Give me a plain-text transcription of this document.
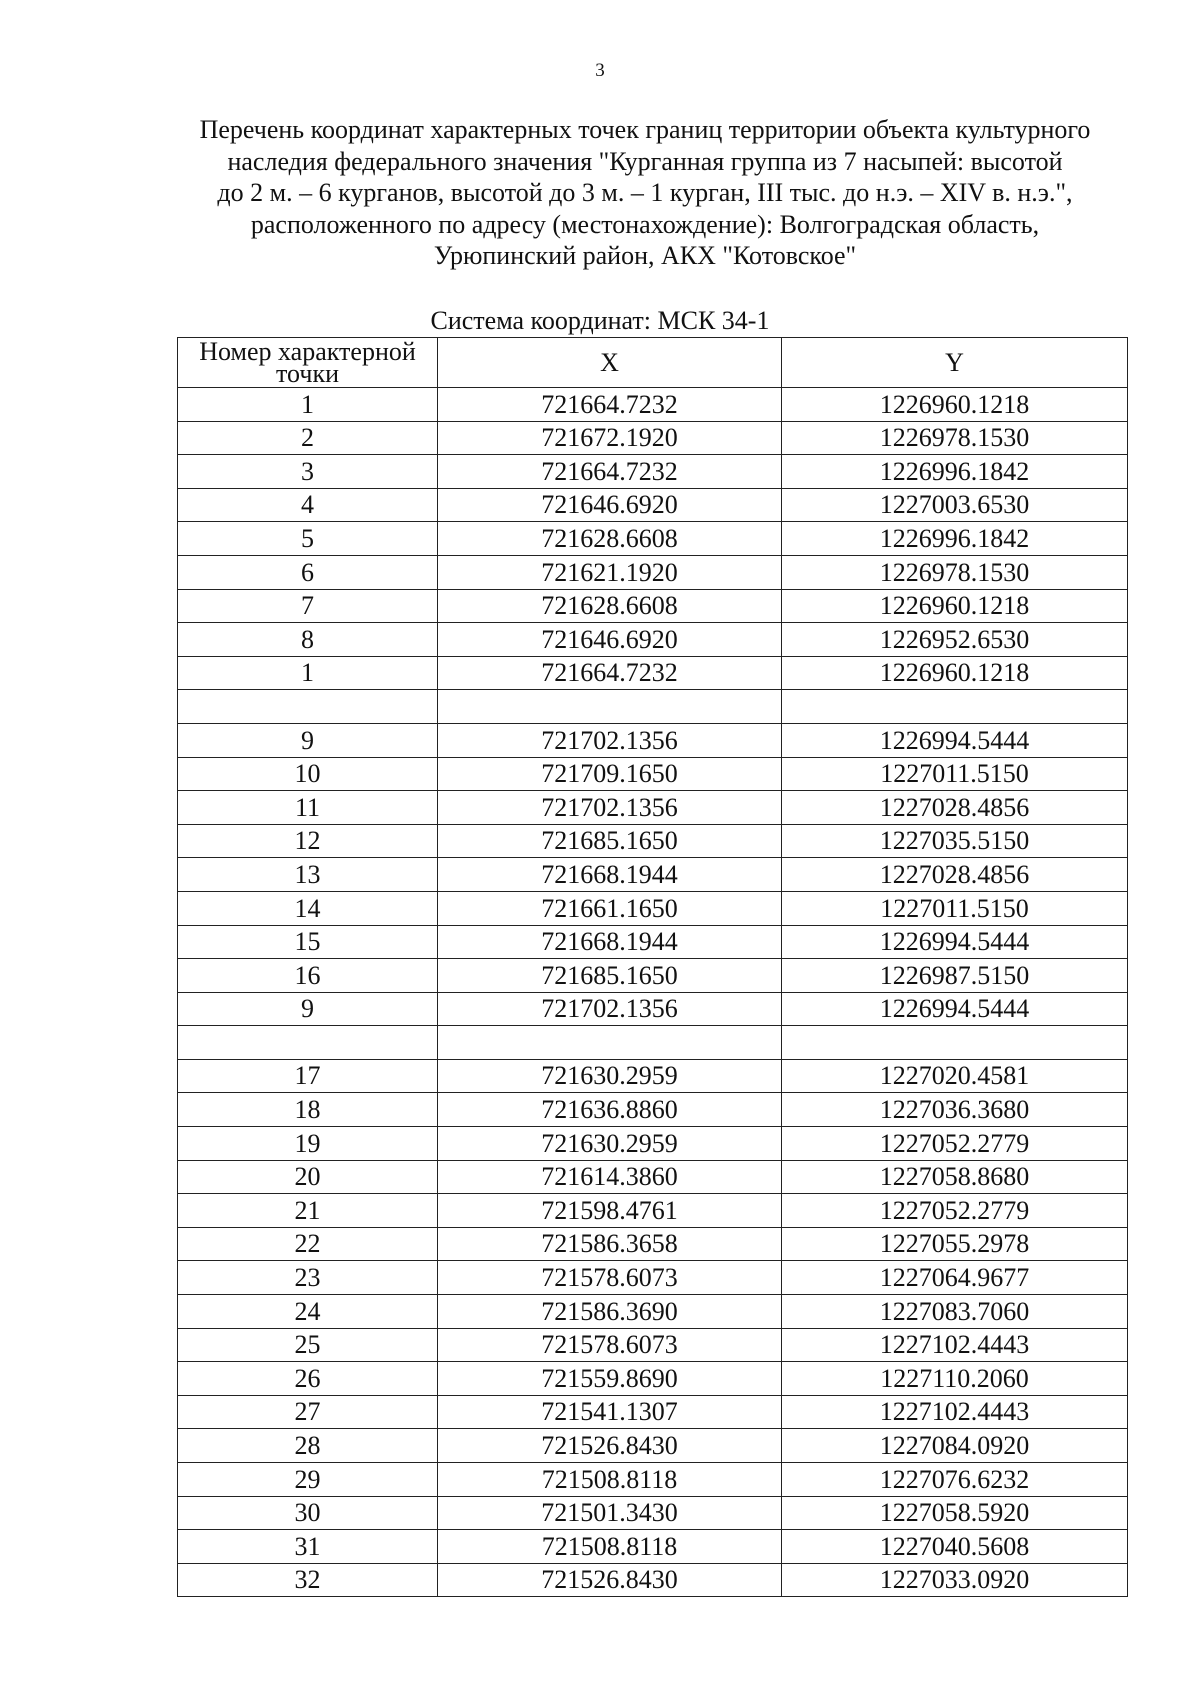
3
Перечень координат характерных точек границ территории объекта культурного
наследия федерального значения "Курганная группа из 7 насыпей: высотой
до 2 м. – 6 курганов, высотой до 3 м. – 1 курган, III тыс. до н.э. – XIV в. н.э.",
расположенного по адресу (местонахождение): Волгоградская область,
Урюпинский район, АКХ "Котовское"
Система координат: МСК 34-1
Номер характерной
точки	X	Y
1	721664.7232	1226960.1218
2	721672.1920	1226978.1530
3	721664.7232	1226996.1842
4	721646.6920	1227003.6530
5	721628.6608	1226996.1842
6	721621.1920	1226978.1530
7	721628.6608	1226960.1218
8	721646.6920	1226952.6530
1	721664.7232	1226960.1218

9	721702.1356	1226994.5444
10	721709.1650	1227011.5150
11	721702.1356	1227028.4856
12	721685.1650	1227035.5150
13	721668.1944	1227028.4856
14	721661.1650	1227011.5150
15	721668.1944	1226994.5444
16	721685.1650	1226987.5150
9	721702.1356	1226994.5444

17	721630.2959	1227020.4581
18	721636.8860	1227036.3680
19	721630.2959	1227052.2779
20	721614.3860	1227058.8680
21	721598.4761	1227052.2779
22	721586.3658	1227055.2978
23	721578.6073	1227064.9677
24	721586.3690	1227083.7060
25	721578.6073	1227102.4443
26	721559.8690	1227110.2060
27	721541.1307	1227102.4443
28	721526.8430	1227084.0920
29	721508.8118	1227076.6232
30	721501.3430	1227058.5920
31	721508.8118	1227040.5608
32	721526.8430	1227033.0920
